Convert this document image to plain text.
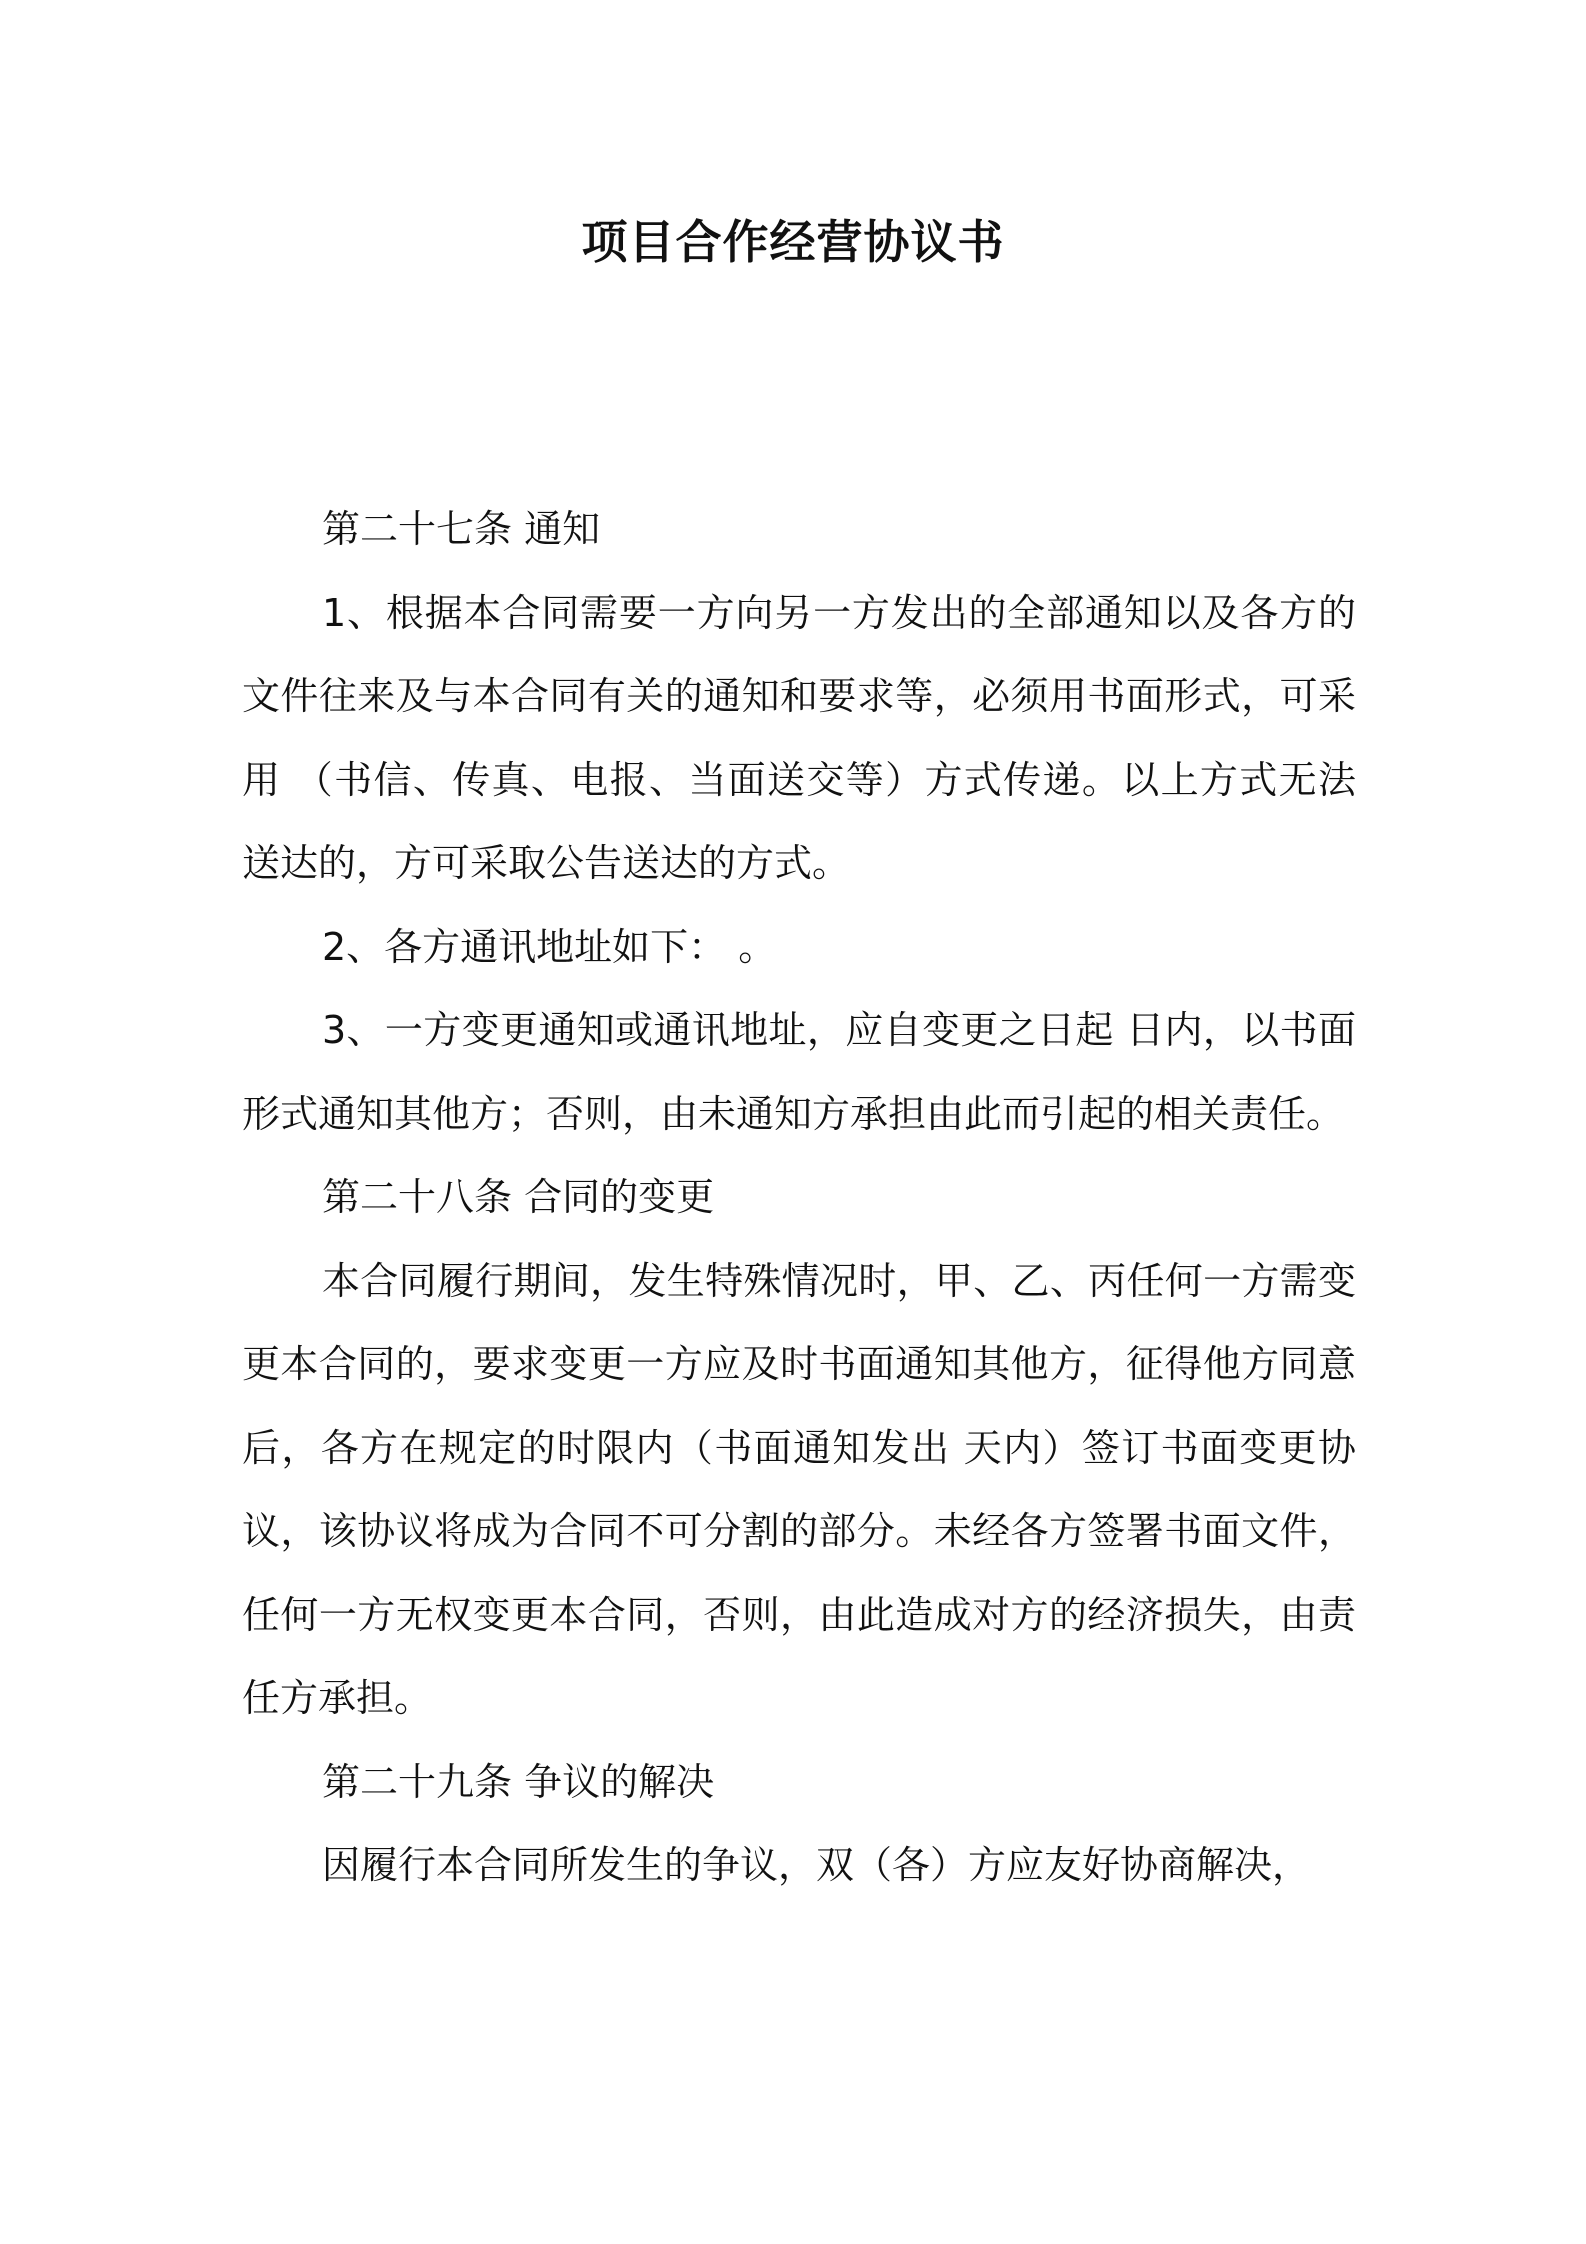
项目合作经营协议书

第二十七条 通知

1、根据本合同需要一方向另一方发出的全部通知以及各方的文件往来及与本合同有关的通知和要求等，必须用书面形式，可采用 （书信、传真、电报、当面送交等）方式传递。以上方式无法送达的，方可采取公告送达的方式。

2、各方通讯地址如下： 。

3、一方变更通知或通讯地址，应自变更之日起 日内，以书面形式通知其他方；否则，由未通知方承担由此而引起的相关责任。

第二十八条 合同的变更

本合同履行期间，发生特殊情况时，甲、乙、丙任何一方需变更本合同的，要求变更一方应及时书面通知其他方，征得他方同意后，各方在规定的时限内（书面通知发出 天内）签订书面变更协议，该协议将成为合同不可分割的部分。未经各方签署书面文件，任何一方无权变更本合同，否则，由此造成对方的经济损失，由责任方承担。

第二十九条 争议的解决

因履行本合同所发生的争议，双（各）方应友好协商解决，
